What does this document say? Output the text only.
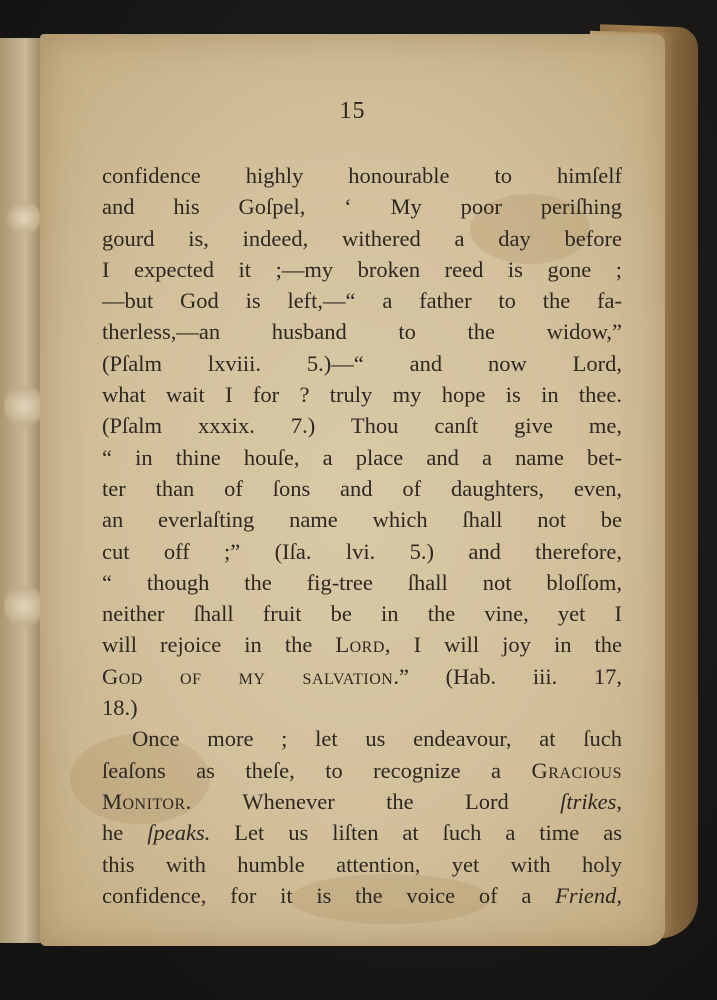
15
confidence highly honourable to himſelf
and his Goſpel, ‘ My poor periſhing
gourd is, indeed, withered a day before
I expected it ;—my broken reed is gone ;
—but God is left,—“ a father to the fa-
therless,—an husband to the widow,”
(Pſalm lxviii. 5.)—“ and now Lord,
what wait I for ? truly my hope is in thee.
(Pſalm xxxix. 7.) Thou canſt give me,
“ in thine houſe, a place and a name bet-
ter than of ſons and of daughters, even,
an everlaſting name which ſhall not be
cut off ;” (Iſa. lvi. 5.) and therefore,
“ though the fig-tree ſhall not bloſſom,
neither ſhall fruit be in the vine, yet I
will rejoice in the Lord, I will joy in the
God of my salvation.” (Hab. iii. 17,
18.)
Once more ; let us endeavour, at ſuch
ſeaſons as theſe, to recognize a Gracious
Monitor. Whenever the Lord ſtrikes,
he ſpeaks. Let us liſten at ſuch a time as
this with humble attention, yet with holy
confidence, for it is the voice of a Friend,
